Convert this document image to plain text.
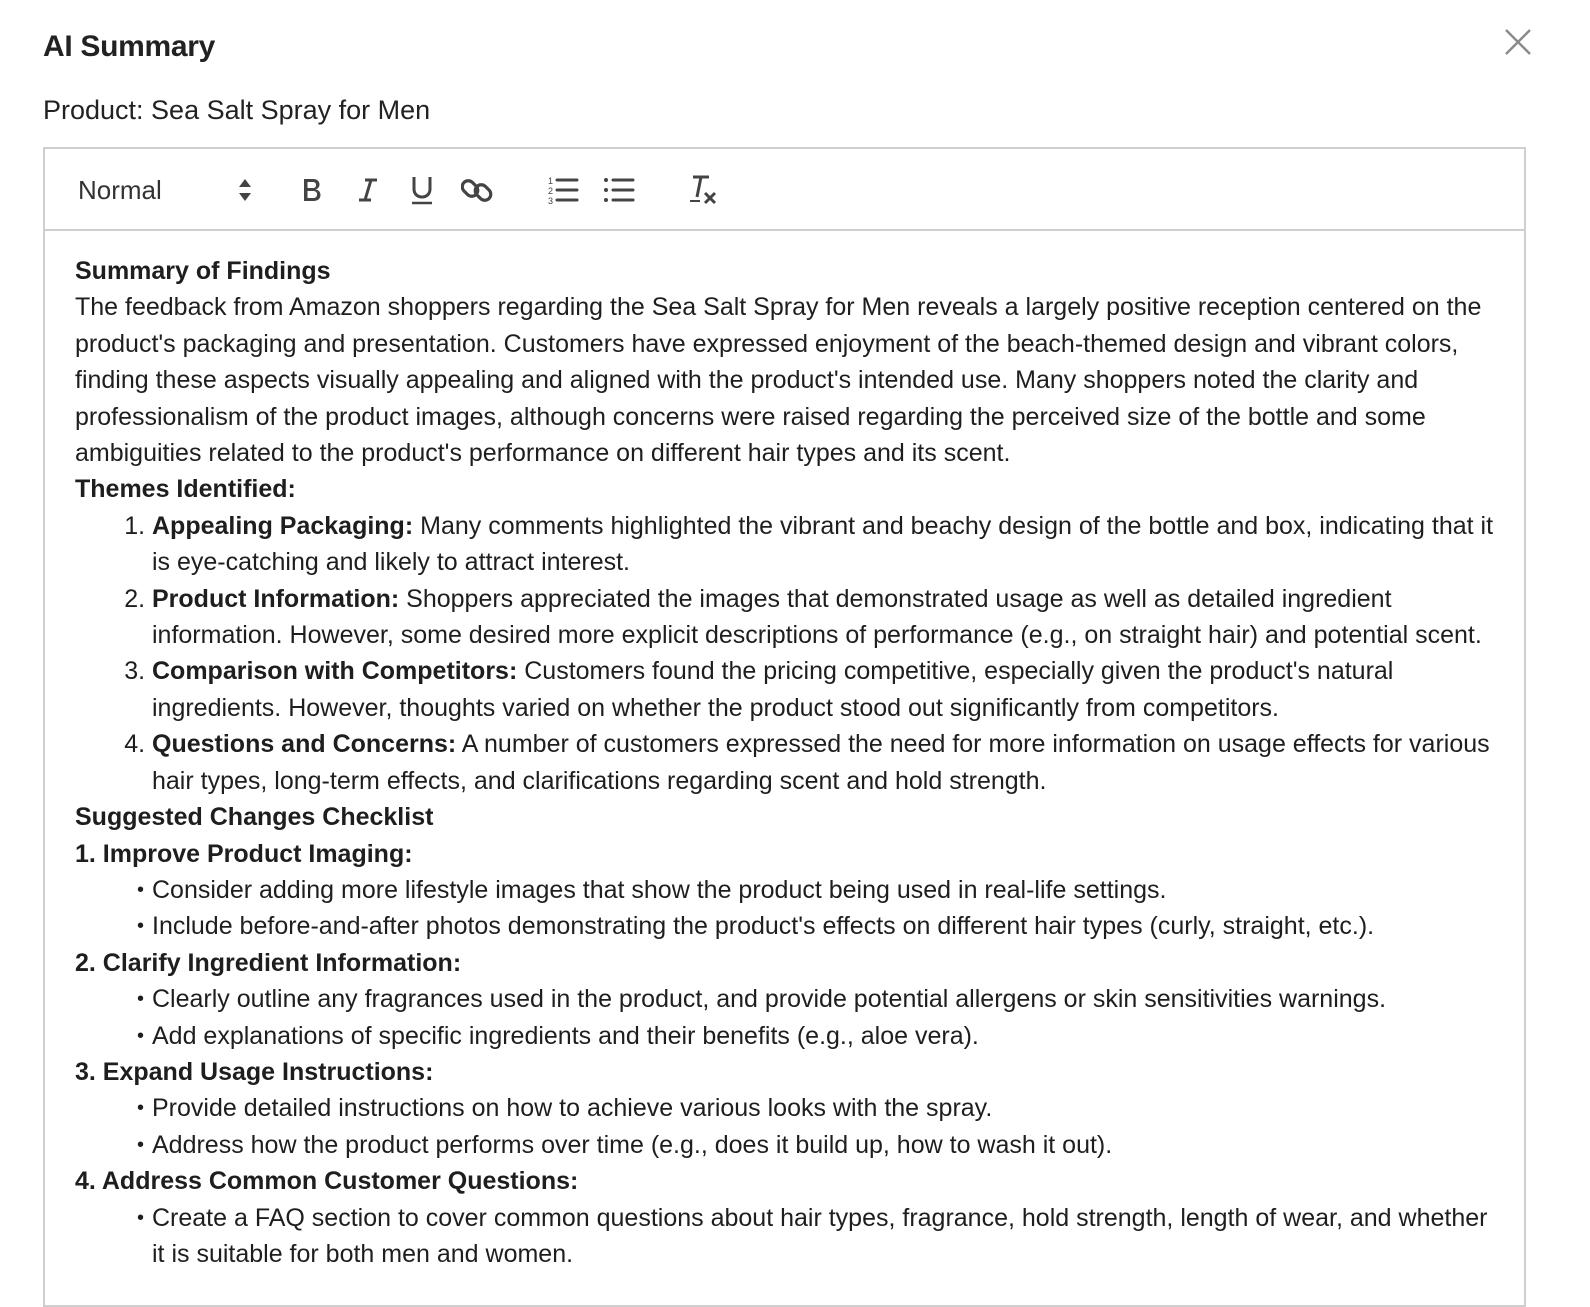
AI Summary
Product: Sea Salt Spray for Men
Normal	1
2
3

Summary of Findings

The feedback from Amazon shoppers regarding the Sea Salt Spray for Men reveals a largely positive reception centered on the product's packaging and presentation. Customers have expressed enjoyment of the beach-themed design and vibrant colors, finding these aspects visually appealing and aligned with the product's intended use. Many shoppers noted the clarity and professionalism of the product images, although concerns were raised regarding the perceived size of the bottle and some ambiguities related to the product's performance on different hair types and its scent.

Themes Identified:

1. Appealing Packaging: Many comments highlighted the vibrant and beachy design of the bottle and box, indicating that it is eye-catching and likely to attract interest.
2. Product Information: Shoppers appreciated the images that demonstrated usage as well as detailed ingredient information. However, some desired more explicit descriptions of performance (e.g., on straight hair) and potential scent.
3. Comparison with Competitors: Customers found the pricing competitive, especially given the product's natural ingredients. However, thoughts varied on whether the product stood out significantly from competitors.
4. Questions and Concerns: A number of customers expressed the need for more information on usage effects for various hair types, long-term effects, and clarifications regarding scent and hold strength.

Suggested Changes Checklist

1. Improve Product Imaging:

• Consider adding more lifestyle images that show the product being used in real-life settings.
• Include before-and-after photos demonstrating the product's effects on different hair types (curly, straight, etc.).

2. Clarify Ingredient Information:

• Clearly outline any fragrances used in the product, and provide potential allergens or skin sensitivities warnings.
• Add explanations of specific ingredients and their benefits (e.g., aloe vera).

3. Expand Usage Instructions:

• Provide detailed instructions on how to achieve various looks with the spray.
• Address how the product performs over time (e.g., does it build up, how to wash it out).

4. Address Common Customer Questions:

• Create a FAQ section to cover common questions about hair types, fragrance, hold strength, length of wear, and whether it is suitable for both men and women.
